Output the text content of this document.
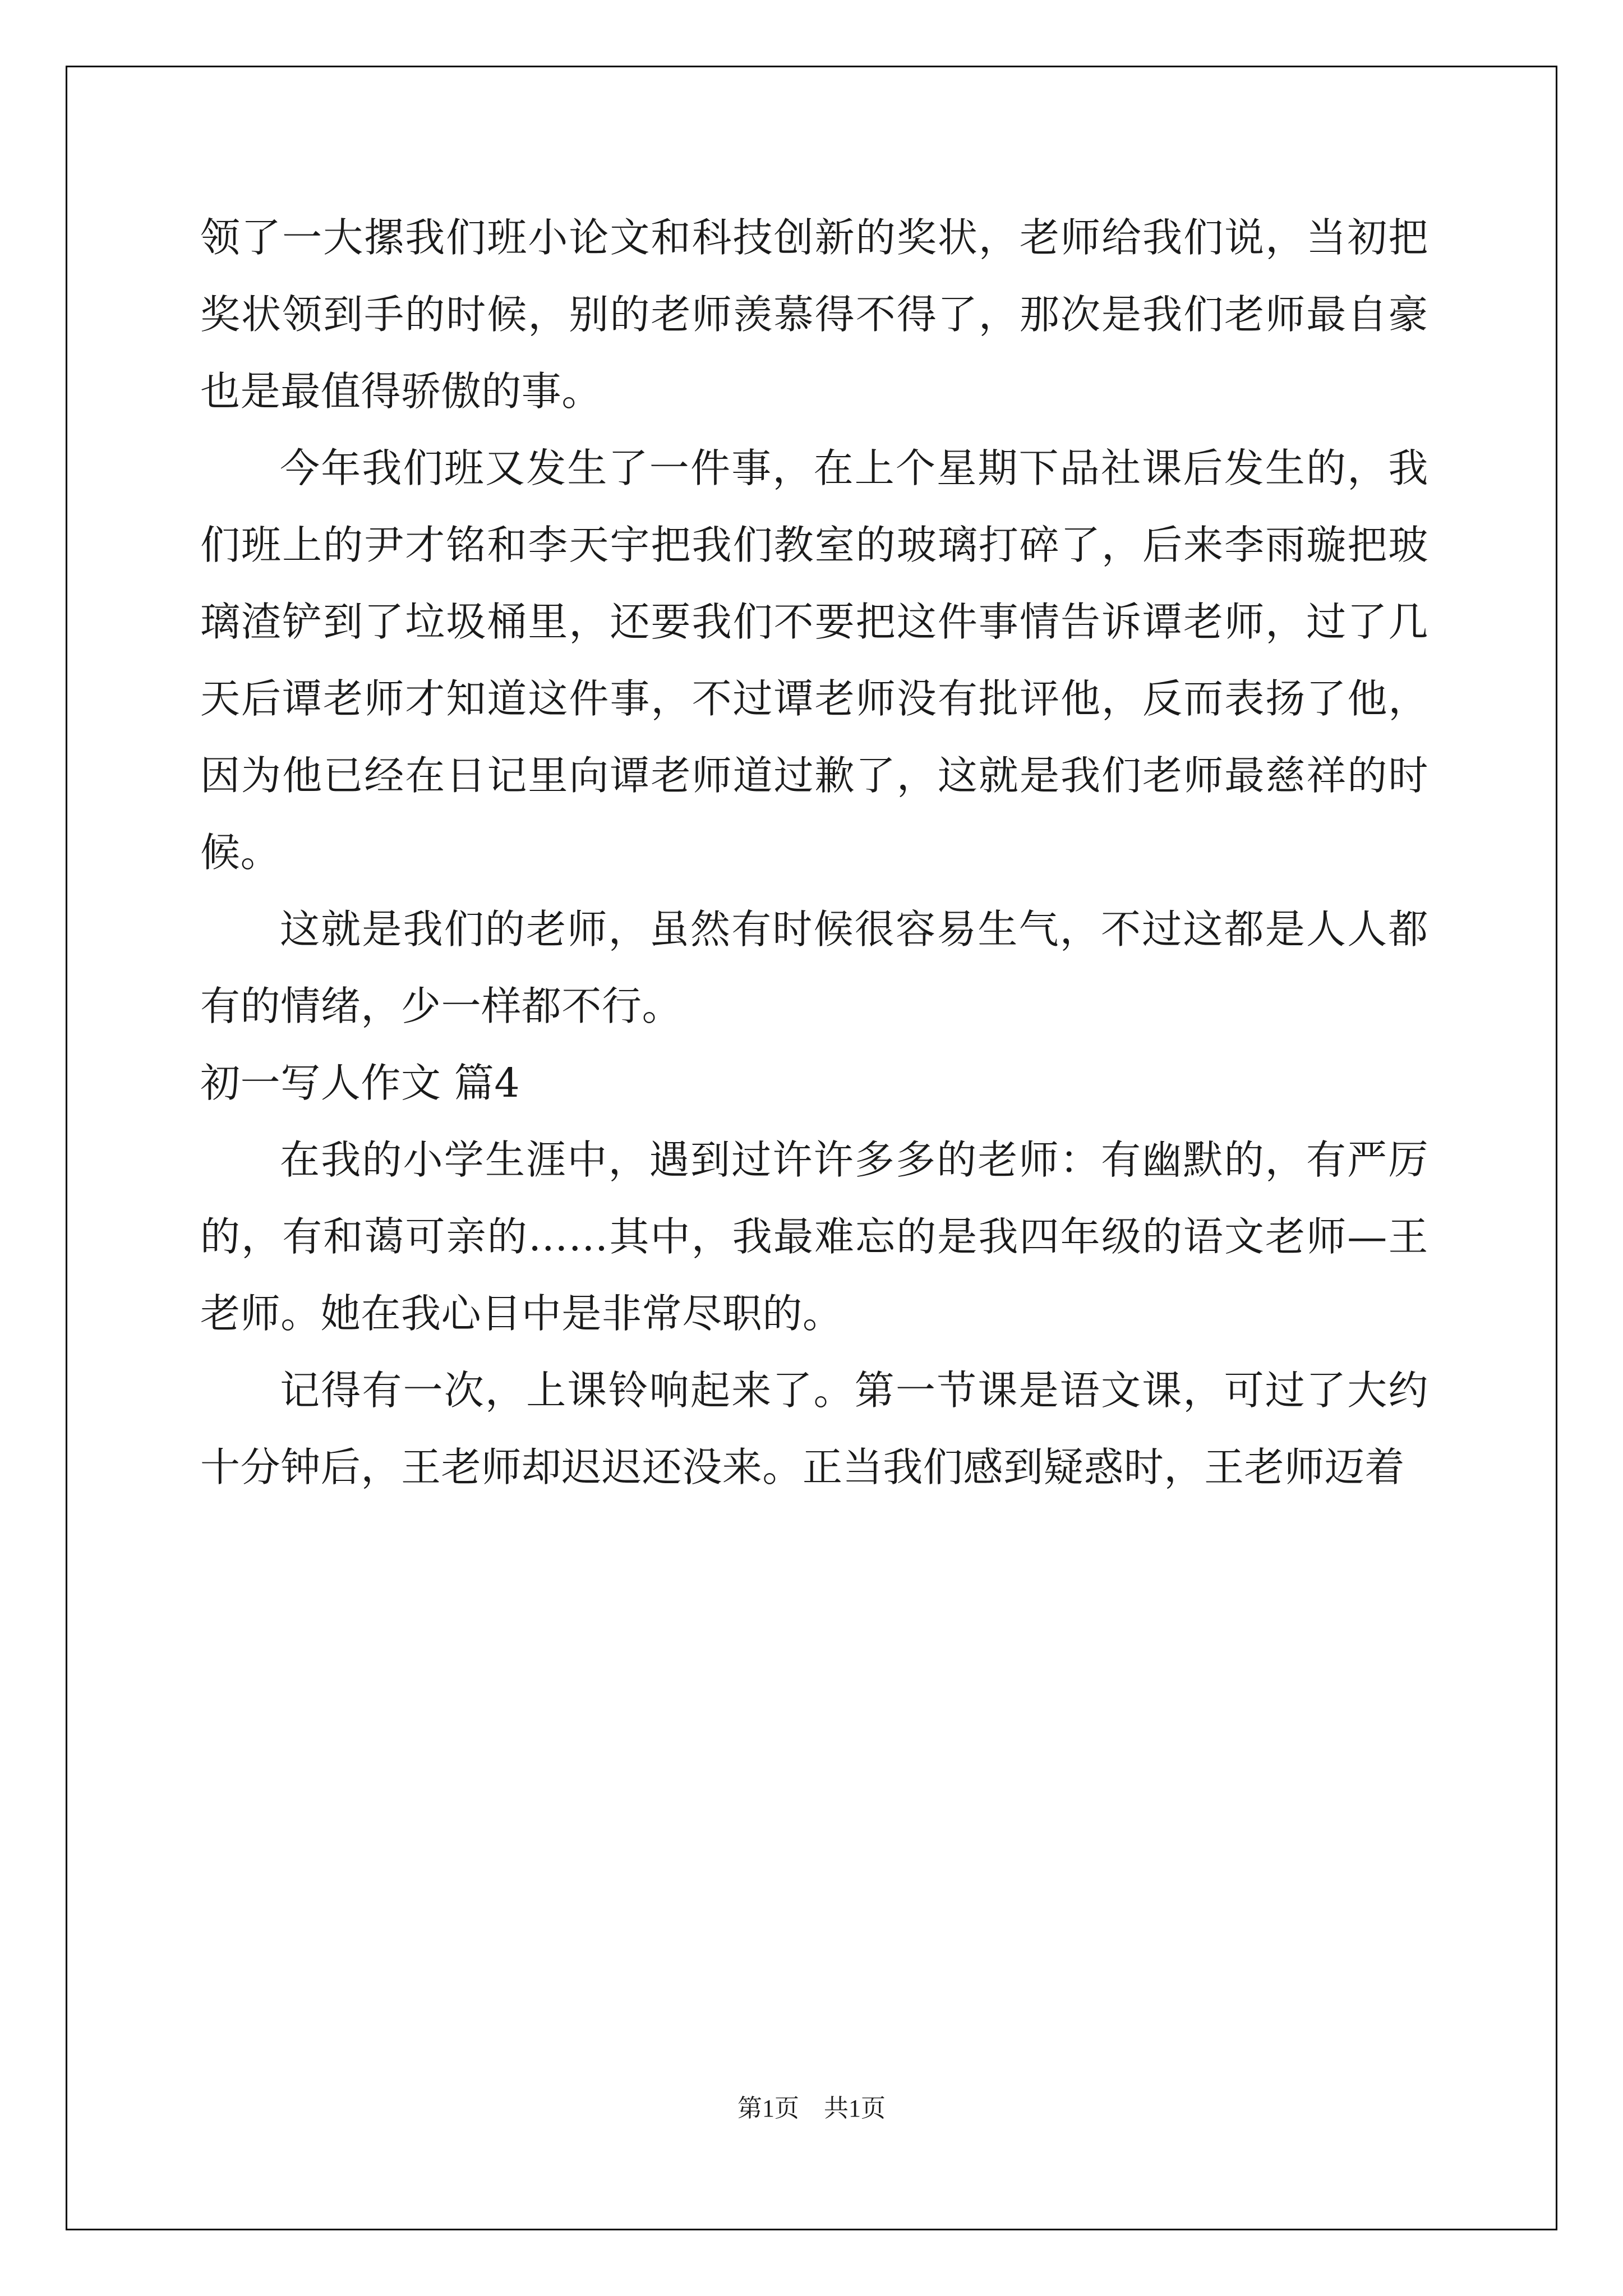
领了一大摞我们班小论文和科技创新的奖状，老师给我们说，当初把奖状领到手的时候，别的老师羡慕得不得了，那次是我们老师最自豪也是最值得骄傲的事。

今年我们班又发生了一件事，在上个星期下品社课后发生的，我们班上的尹才铭和李天宇把我们教室的玻璃打碎了，后来李雨璇把玻璃渣铲到了垃圾桶里，还要我们不要把这件事情告诉谭老师，过了几天后谭老师才知道这件事，不过谭老师没有批评他，反而表扬了他，因为他已经在日记里向谭老师道过歉了，这就是我们老师最慈祥的时候。

这就是我们的老师，虽然有时候很容易生气，不过这都是人人都有的情绪，少一样都不行。

初一写人作文 篇4

在我的小学生涯中，遇到过许许多多的老师：有幽默的，有严厉的，有和蔼可亲的……其中，我最难忘的是我四年级的语文老师—王老师。她在我心目中是非常尽职的。

记得有一次，上课铃响起来了。第一节课是语文课，可过了大约十分钟后，王老师却迟迟还没来。正当我们感到疑惑时，王老师迈着

第1页　共1页
